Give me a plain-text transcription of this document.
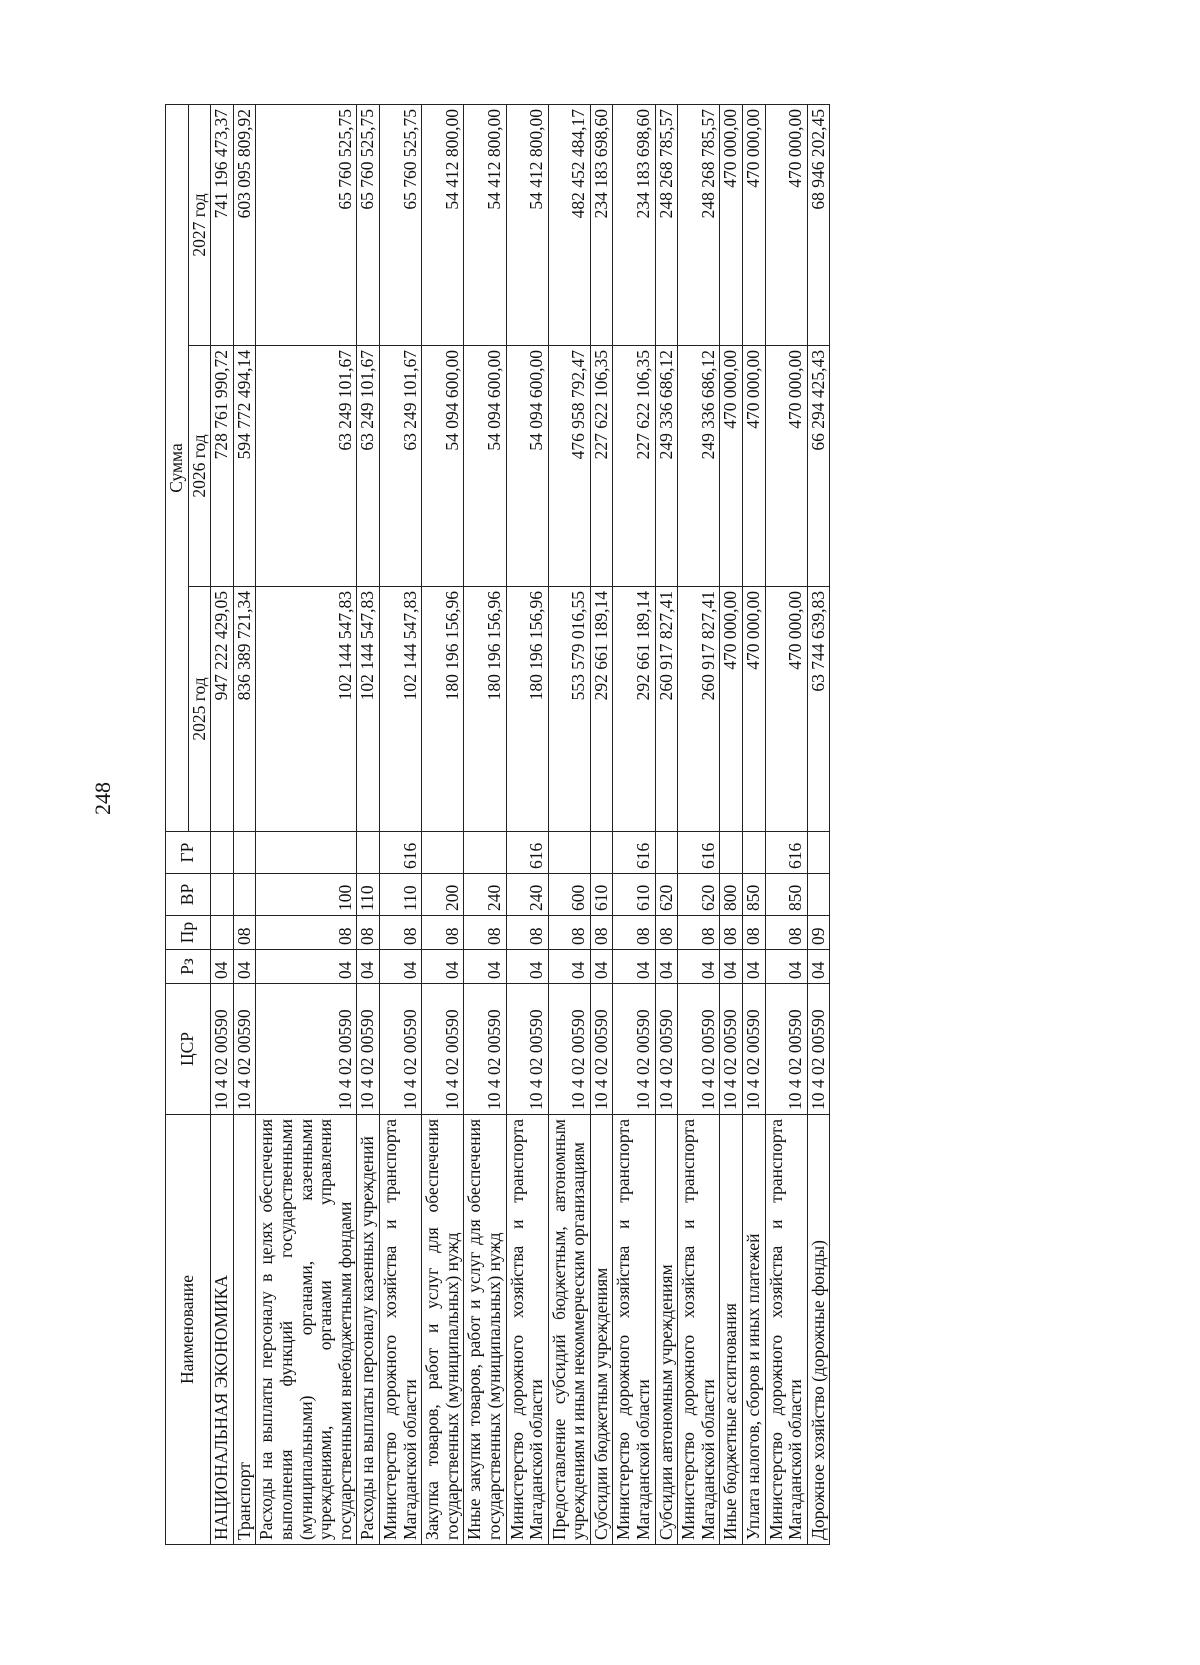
248
Наименование	ЦСР	Рз	Пр	ВР	ГР	Сумма		
						2025 год	2026 год	2027 год
НАЦИОНАЛЬНАЯ ЭКОНОМИКА	10 4 02 00590	04				947 222 429,05	728 761 990,72	741 196 473,37
Транспорт	10 4 02 00590	04	08			836 389 721,34	594 772 494,14	603 095 809,92
Расходы на выплаты персоналу в целях обеспечения выполнения функций государственными (муниципальными) органами, казенными учреждениями, органами управления государственными внебюджетными фондами	10 4 02 00590	04	08	100		102 144 547,83	63 249 101,67	65 760 525,75
Расходы на выплаты персоналу казенных учреждений	10 4 02 00590	04	08	110		102 144 547,83	63 249 101,67	65 760 525,75
Министерство дорожного хозяйства и транспорта Магаданской области	10 4 02 00590	04	08	110	616	102 144 547,83	63 249 101,67	65 760 525,75
Закупка товаров, работ и услуг для обеспечения государственных (муниципальных) нужд	10 4 02 00590	04	08	200		180 196 156,96	54 094 600,00	54 412 800,00
Иные закупки товаров, работ и услуг для обеспечения государственных (муниципальных) нужд	10 4 02 00590	04	08	240		180 196 156,96	54 094 600,00	54 412 800,00
Министерство дорожного хозяйства и транспорта Магаданской области	10 4 02 00590	04	08	240	616	180 196 156,96	54 094 600,00	54 412 800,00
Предоставление субсидий бюджетным, автономным учреждениям и иным некоммерческим организациям	10 4 02 00590	04	08	600		553 579 016,55	476 958 792,47	482 452 484,17
Субсидии бюджетным учреждениям	10 4 02 00590	04	08	610		292 661 189,14	227 622 106,35	234 183 698,60
Министерство дорожного хозяйства и транспорта Магаданской области	10 4 02 00590	04	08	610	616	292 661 189,14	227 622 106,35	234 183 698,60
Субсидии автономным учреждениям	10 4 02 00590	04	08	620		260 917 827,41	249 336 686,12	248 268 785,57
Министерство дорожного хозяйства и транспорта Магаданской области	10 4 02 00590	04	08	620	616	260 917 827,41	249 336 686,12	248 268 785,57
Иные бюджетные ассигнования	10 4 02 00590	04	08	800		470 000,00	470 000,00	470 000,00
Уплата налогов, сборов и иных платежей	10 4 02 00590	04	08	850		470 000,00	470 000,00	470 000,00
Министерство дорожного хозяйства и транспорта Магаданской области	10 4 02 00590	04	08	850	616	470 000,00	470 000,00	470 000,00
Дорожное хозяйство (дорожные фонды)	10 4 02 00590	04	09			63 744 639,83	66 294 425,43	68 946 202,45
